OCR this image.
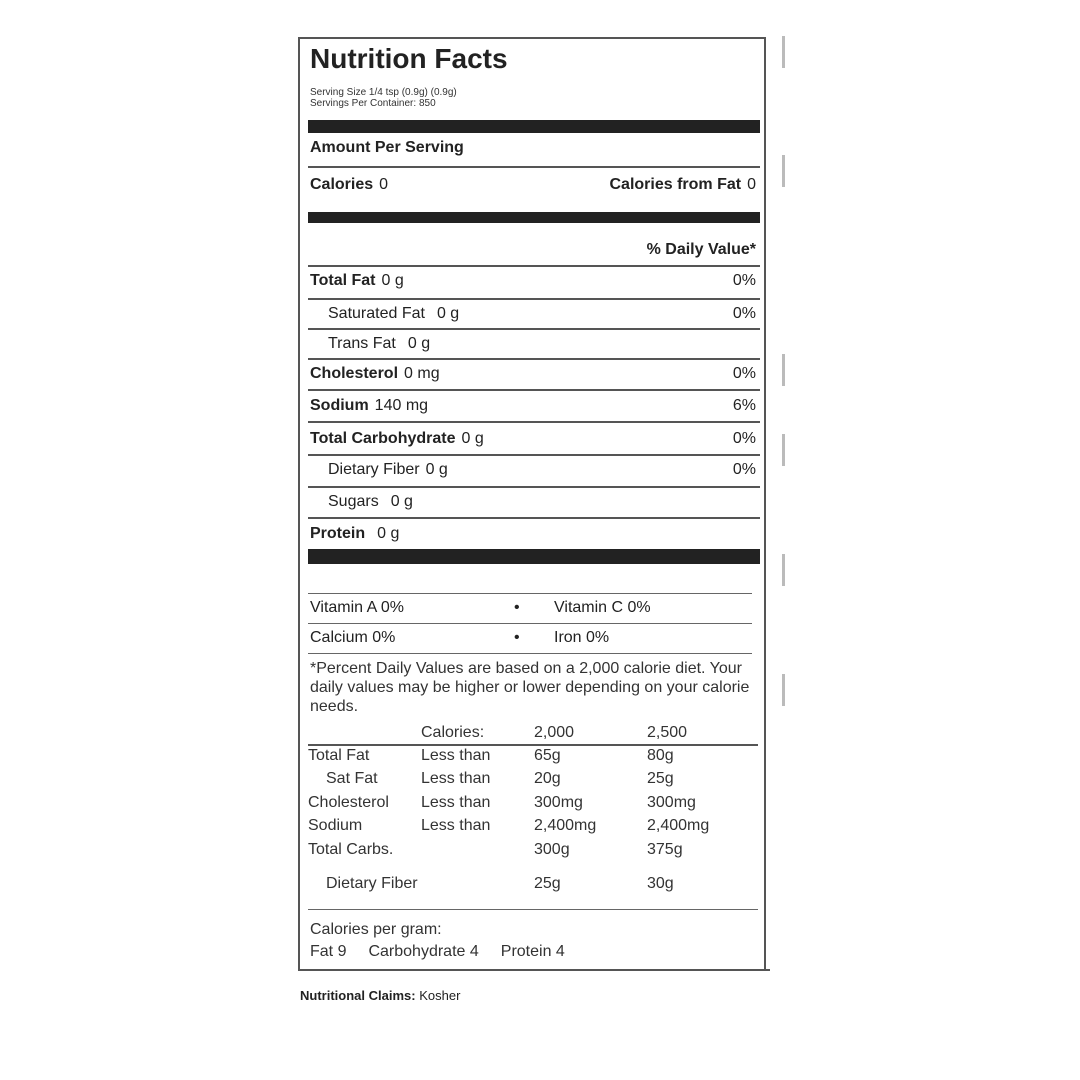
Nutrition Facts
Serving Size 1/4 tsp (0.9g) (0.9g)
Servings Per Container: 850
Amount Per Serving
Calories 0	Calories from Fat 0
% Daily Value*
Total Fat 0 g	0%
Saturated Fat 0 g	0%
Trans Fat 0 g
Cholesterol 0 mg	0%
Sodium 140 mg	6%
Total Carbohydrate 0 g	0%
Dietary Fiber 0 g	0%
Sugars 0 g
Protein 0 g
Vitamin A 0%	• Vitamin C 0%
Calcium 0%	• Iron 0%
*Percent Daily Values are based on a 2,000 calorie diet. Your daily values may be higher or lower depending on your calorie needs.
	Calories:	2,000	2,500
Total Fat	Less than	65g	80g
Sat Fat	Less than	20g	25g
Cholesterol	Less than	300mg	300mg
Sodium	Less than	2,400mg	2,400mg
Total Carbs.		300g	375g
Dietary Fiber		25g	30g
Calories per gram:
Fat 9 Carbohydrate 4 Protein 4
Nutritional Claims: Kosher
